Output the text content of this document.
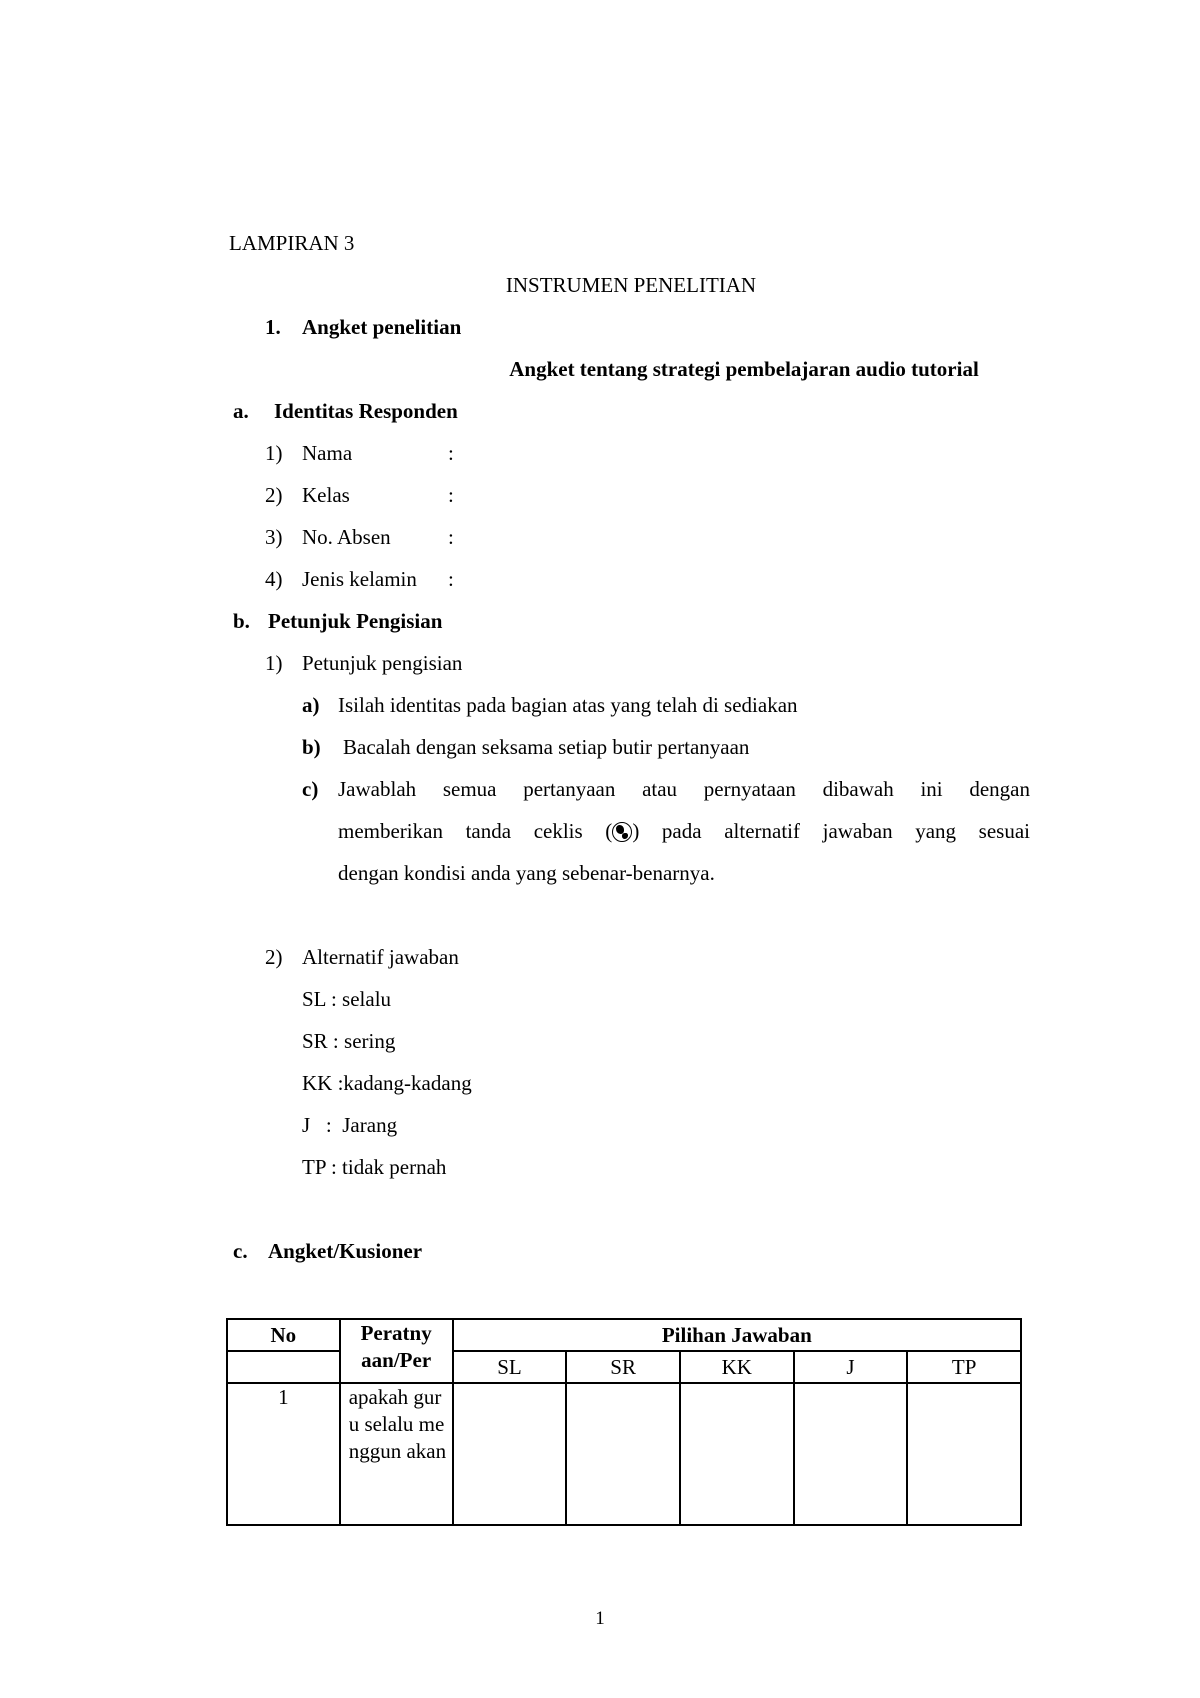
LAMPIRAN 3
INSTRUMEN PENELITIAN
1. Angket penelitian
Angket tentang strategi pembelajaran audio tutorial
a. Identitas Responden
1) Nama	:
2) Kelas	:
3) No. Absen	:
4) Jenis kelamin :
b. Petunjuk Pengisian
1) Petunjuk pengisian
a) Isilah identitas pada bagian atas yang telah di sediakan
b) Bacalah dengan seksama setiap butir pertanyaan
c) Jawablah semua pertanyaan atau pernyataan dibawah ini dengan
memberikan tanda ceklis ( ) pada alternatif jawaban yang sesuai
dengan kondisi anda yang sebenar-benarnya.
2) Alternatif jawaban
SL : selalu
SR : sering
KK :kadang-kadang
J   :  Jarang
TP : tidak pernah
c. Angket/Kusioner
No	Peratny aan/Per	Pilihan Jawaban				
		SL	SR	KK	J	TP
1	apakah guru selalu menggun akan					
1
